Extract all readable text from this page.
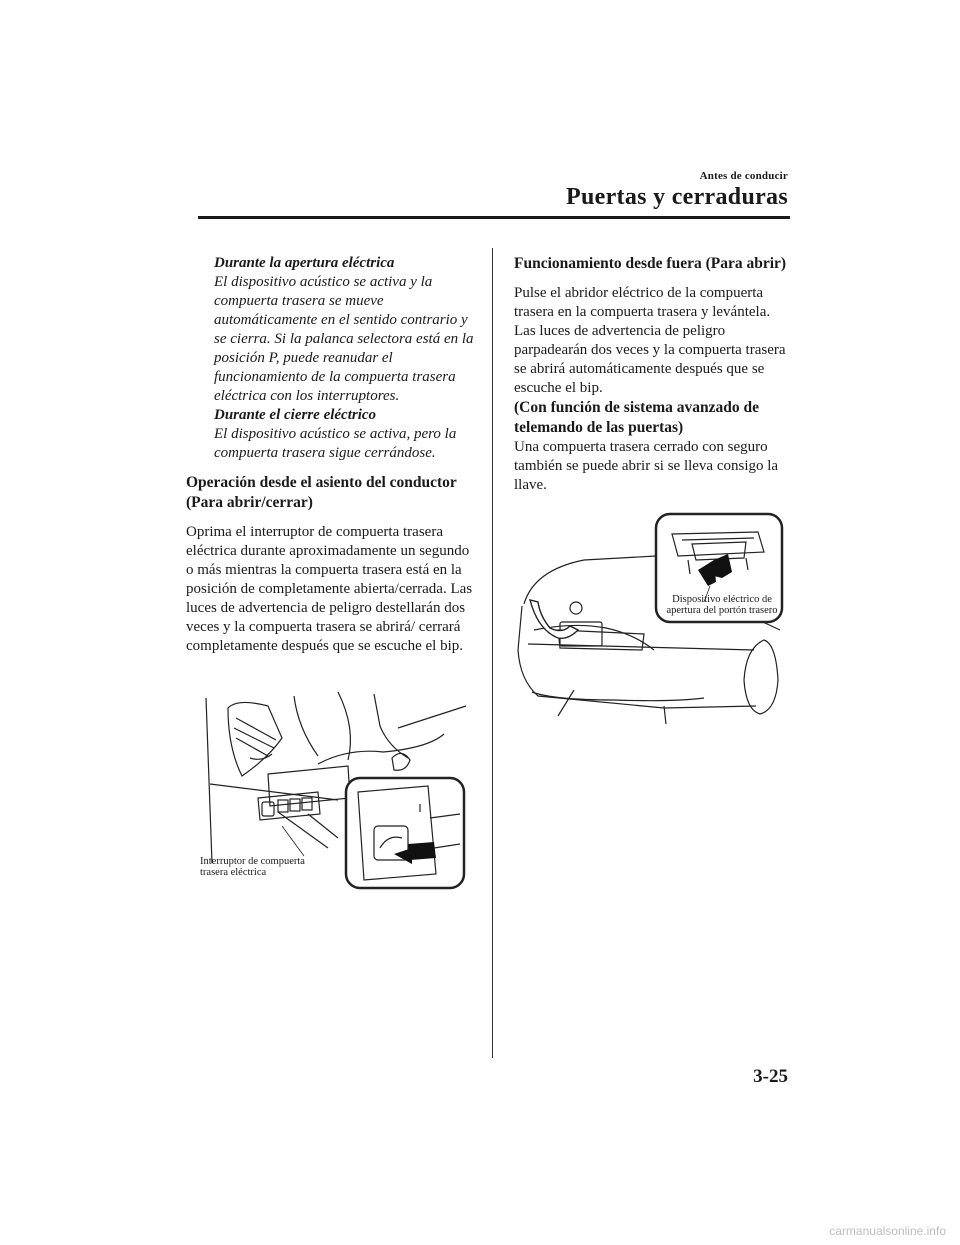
Antes de conducir
Puertas y cerraduras

Durante la apertura eléctrica

El dispositivo acústico se activa y la compuerta trasera se mueve automáticamente en el sentido contrario y se cierra. Si la palanca selectora está en la posición P, puede reanudar el funcionamiento de la compuerta trasera eléctrica con los interruptores.

Durante el cierre eléctrico

El dispositivo acústico se activa, pero la compuerta trasera sigue cerrándose.

Operación desde el asiento del conductor (Para abrir/cerrar)

Oprima el interruptor de compuerta trasera eléctrica durante aproximadamente un segundo o más mientras la compuerta trasera está en la posición de completamente abierta/cerrada. Las luces de advertencia de peligro destellarán dos veces y la compuerta trasera se abrirá/ cerrará completamente después que se escuche el bip.

Funcionamiento desde fuera (Para abrir)

Pulse el abridor eléctrico de la compuerta trasera en la compuerta trasera y levántela. Las luces de advertencia de peligro parpadearán dos veces y la compuerta trasera se abrirá automáticamente después que se escuche el bip.

(Con función de sistema avanzado de telemando de las puertas)

Una compuerta trasera cerrado con seguro también se puede abrir si se lleva consigo la llave.

Interruptor de compuerta trasera eléctrica
Dispositivo eléctrico de apertura del portón trasero
3-25
carmanualsonline.info
